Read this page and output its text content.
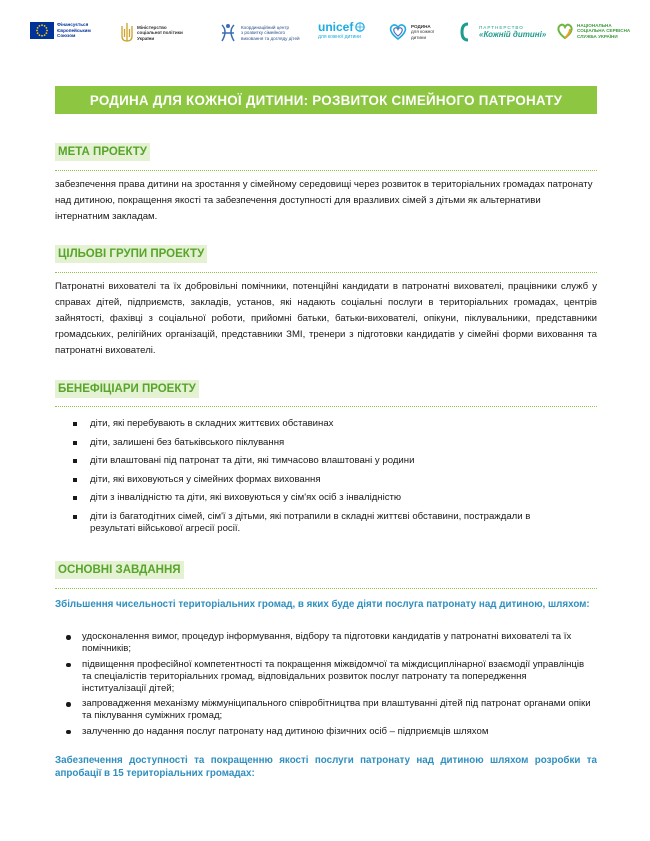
Фінансується
Європейським
Союзом
Міністерство
соціальної політики
України
Координаційний центр
з розвитку сімейного
виховання та догляду дітей
unicef
для кожної дитини
РОДИНА
для кожної
дитини
ПАРТНЕРСТВО
«Кожній дитині»
НАЦІОНАЛЬНА
СОЦІАЛЬНА СЕРВІСНА
СЛУЖБА УКРАЇНИ
РОДИНА ДЛЯ КОЖНОЇ ДИТИНИ: РОЗВИТОК СІМЕЙНОГО ПАТРОНАТУ
МЕТА ПРОЕКТУ

забезпечення права дитини на зростання у сімейному середовищі через розвиток в територіальних громадах патронату над дитиною, покращення якості та забезпечення доступності для вразливих сімей з дітьми як альтернативи інтернатним закладам.

ЦІЛЬОВІ ГРУПИ ПРОЕКТУ

Патронатні вихователі та їх добровільні помічники, потенційні кандидати в патронатні вихователі, працівники служб у справах дітей, підприємств, закладів, установ, які надають соціальні послуги в територіальних громадах, центрів зайнятості, фахівці з соціальної роботи, прийомні батьки, батьки-вихователі, опікуни, піклувальники, представники громадських, релігійних організацій, представники ЗМІ, тренери з підготовки кандидатів у сімейні форми виховання та патронатні вихователі.

БЕНЕФІЦІАРИ ПРОЕКТУ
діти, які перебувають в складних життєвих обставинах
діти, залишені без батьківського піклування
діти влаштовані під патронат та діти, які тимчасово влаштовані у родини
діти, які виховуються у сімейних формах виховання
діти з інвалідністю та діти, які виховуються у сім'ях осіб з інвалідністю
діти із багатодітних сімей, сім'ї з дітьми, які потрапили в складні життєві обставини, постраждали в результаті військової агресії росії.
ОСНОВНІ ЗАВДАННЯ

Збільшення чисельності територіальних громад, в яких буде діяти послуга патронату над дитиною, шляхом:

удосконалення вимог, процедур інформування, відбору та підготовки кандидатів у патронатні вихователі та їх помічників;
підвищення професійної компетентності та покращення міжвідомчої та міждисциплінарної взаємодії управлінців та спеціалістів територіальних громад, відповідальних розвиток послуг патронату та попередження інституалізації дітей;
запровадження механізму міжмуніципального співробітництва при влаштуванні дітей під патронат органами опіки та піклування суміжних громад;
залученню до надання послуг патронату над дитиною фізичних осіб – підприємців шляхом

Забезпечення доступності та покращенню якості послуги патронату над дитиною шляхом розробки та апробації в 15 територіальних громадах:
